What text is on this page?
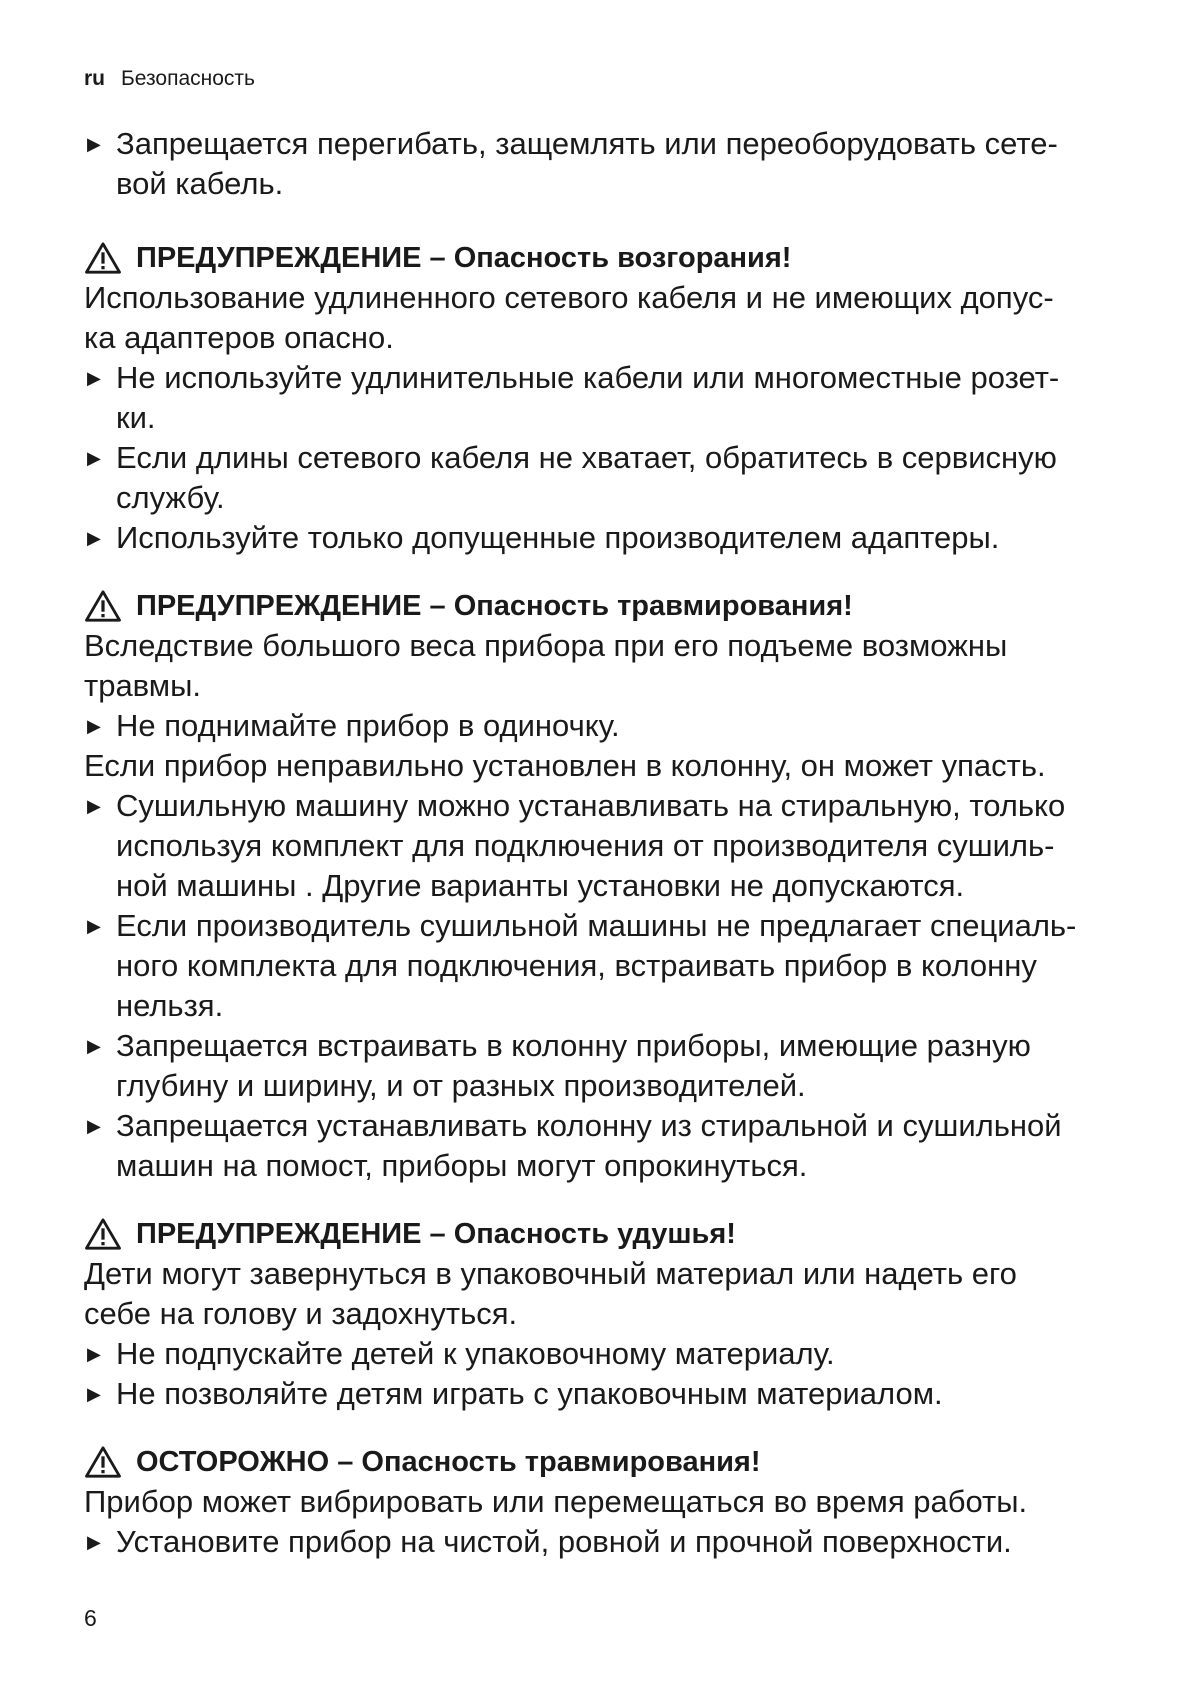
ru Безопасность
▶ Запрещается перегибать, защемлять или переоборудовать сете-
вой кабель.
ПРЕДУПРЕЖДЕНИЕ – Опасность возгорания!
Использование удлиненного сетевого кабеля и не имеющих допус-
ка адаптеров опасно.
▶ Не используйте удлинительные кабели или многоместные розет-
ки.
▶ Если длины сетевого кабеля не хватает, обратитесь в сервисную
службу.
▶ Используйте только допущенные производителем адаптеры.
ПРЕДУПРЕЖДЕНИЕ – Опасность травмирования!
Вследствие большого веса прибора при его подъеме возможны
травмы.
▶ Не поднимайте прибор в одиночку.
Если прибор неправильно установлен в колонну, он может упасть.
▶ Сушильную машину можно устанавливать на стиральную, только
используя комплект для подключения от производителя сушиль-
ной машины . Другие варианты установки не допускаются.
▶ Если производитель сушильной машины не предлагает специаль-
ного комплекта для подключения, встраивать прибор в колонну
нельзя.
▶ Запрещается встраивать в колонну приборы, имеющие разную
глубину и ширину, и от разных производителей.
▶ Запрещается устанавливать колонну из стиральной и сушильной
машин на помост, приборы могут опрокинуться.
ПРЕДУПРЕЖДЕНИЕ – Опасность удушья!
Дети могут завернуться в упаковочный материал или надеть его
себе на голову и задохнуться.
▶ Не подпускайте детей к упаковочному материалу.
▶ Не позволяйте детям играть с упаковочным материалом.
ОСТОРОЖНО – Опасность травмирования!
Прибор может вибрировать или перемещаться во время работы.
▶ Установите прибор на чистой, ровной и прочной поверхности.
6
